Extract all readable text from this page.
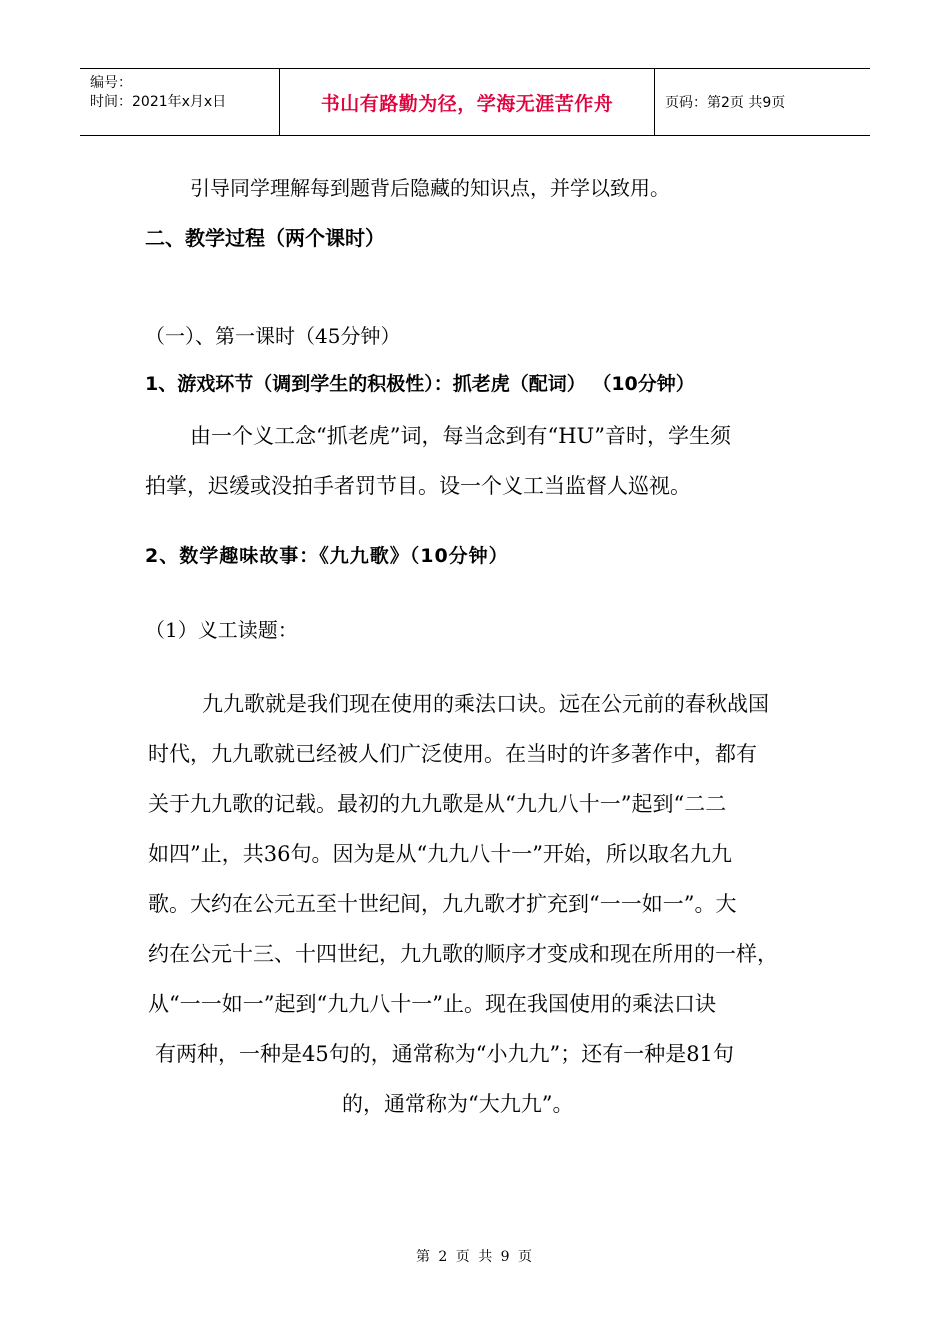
编号：
时间：2021年x月x日	书山有路勤为径，学海无涯苦作舟	页码：第2页 共9页
引导同学理解每到题背后隐藏的知识点，并学以致用。
二、教学过程（两个课时）
（一）、第一课时（45分钟）
1、游戏环节（调到学生的积极性）：抓老虎（配词） （10分钟）
由一个义工念“抓老虎”词，每当念到有“HU”音时，学生须
拍掌，迟缓或没拍手者罚节目。设一个义工当监督人巡视。
2、数学趣味故事：《九九歌》（10分钟）
（1）义工读题：
九九歌就是我们现在使用的乘法口诀。远在公元前的春秋战国
时代，九九歌就已经被人们广泛使用。在当时的许多著作中，都有
关于九九歌的记载。最初的九九歌是从“九九八十一”起到“二二
如四”止，共36句。因为是从“九九八十一”开始，所以取名九九
歌。大约在公元五至十世纪间，九九歌才扩充到“一一如一”。大
约在公元十三、十四世纪，九九歌的顺序才变成和现在所用的一样，
从“一一如一”起到“九九八十一”止。现在我国使用的乘法口诀
有两种，一种是45句的，通常称为“小九九”；还有一种是81句
的，通常称为“大九九”。
第 2 页 共 9 页
